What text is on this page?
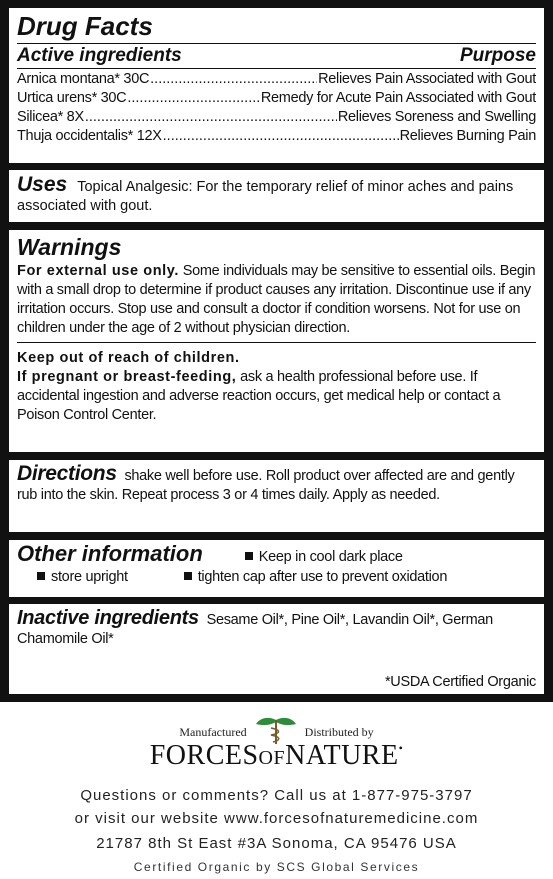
Drug Facts
Active ingredients	Purpose
Arnica montana* 30C .....	Relieves Pain Associated with Gout
Urtica urens* 30C .....	Remedy for Acute Pain Associated with Gout
Silicea* 8X .....	Relieves Soreness and Swelling
Thuja occidentalis* 12X .....	Relieves Burning Pain
Uses Topical Analgesic: For the temporary relief of minor aches and pains associated with gout.
Warnings
For external use only. Some individuals may be sensitive to essential oils. Begin with a small drop to determine if product causes any irritation. Discontinue use if any irritation occurs. Stop use and consult a doctor if condition worsens. Not for use on children under the age of 2 without physician direction.
Keep out of reach of children.
If pregnant or breast-feeding, ask a health professional before use. If accidental ingestion and adverse reaction occurs, get medical help or contact a Poison Control Center.
Directions shake well before use. Roll product over affected are and gently rub into the skin. Repeat process 3 or 4 times daily. Apply as needed.
Other information	Keep in cool dark place
store upright	tighten cap after use to prevent oxidation
Inactive ingredients Sesame Oil*, Pine Oil*, Lavandin Oil*, German Chamomile Oil*
*USDA Certified Organic
Manufactured	Distributed by
FORCESOFNATURE•
Questions or comments? Call us at 1-877-975-3797
or visit our website www.forcesofnaturemedicine.com
21787 8th St East #3A Sonoma, CA 95476 USA
Certified Organic by SCS Global Services
